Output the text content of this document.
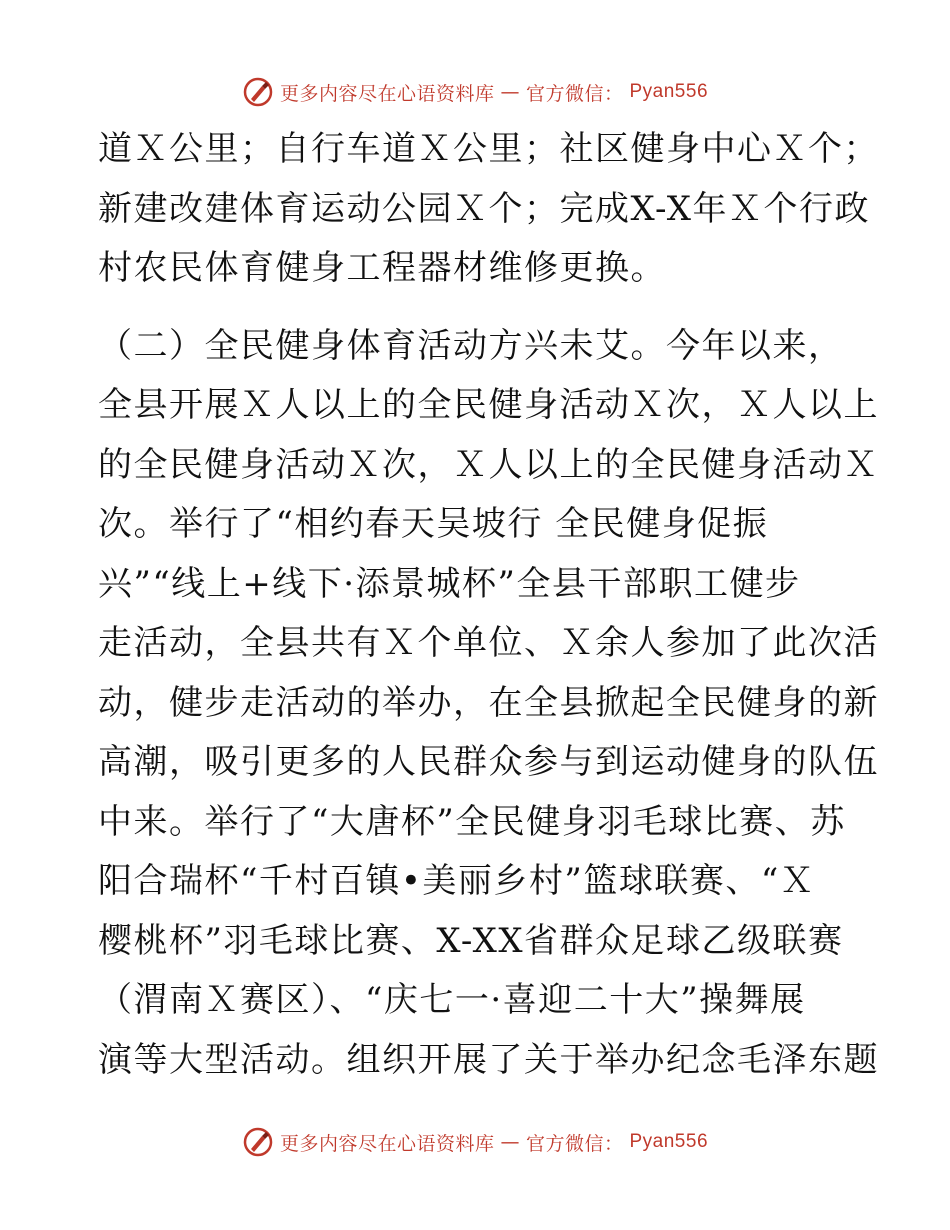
更多内容尽在心语资料库 — 官方微信： Pyan556
道Ｘ公里；自行车道Ｘ公里；社区健身中心Ｘ个；
新建改建体育运动公园Ｘ个；完成X-X年Ｘ个行政
村农民体育健身工程器材维修更换。
（二）全民健身体育活动方兴未艾。今年以来，
全县开展Ｘ人以上的全民健身活动Ｘ次，Ｘ人以上
的全民健身活动Ｘ次，Ｘ人以上的全民健身活动Ｘ
次。举行了“相约春天吴坡行 全民健身促振
兴”“线上+线下·添景城杯”全县干部职工健步
走活动，全县共有Ｘ个单位、Ｘ余人参加了此次活
动，健步走活动的举办，在全县掀起全民健身的新
高潮，吸引更多的人民群众参与到运动健身的队伍
中来。举行了“大唐杯”全民健身羽毛球比赛、苏
阳合瑞杯“千村百镇•美丽乡村”篮球联赛、“Ｘ
樱桃杯”羽毛球比赛、X-XX省群众足球乙级联赛
（渭南Ｘ赛区）、“庆七一·喜迎二十大”操舞展
演等大型活动。组织开展了关于举办纪念毛泽东题
更多内容尽在心语资料库 — 官方微信： Pyan556
